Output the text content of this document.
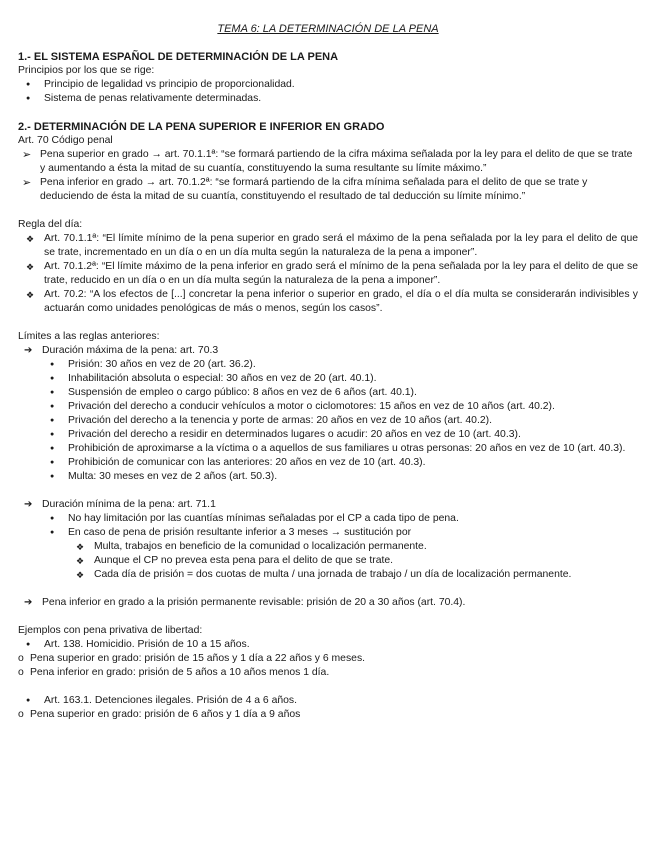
TEMA 6: LA DETERMINACIÓN DE LA PENA

1.- EL SISTEMA ESPAÑOL DE DETERMINACIÓN DE LA PENA

Principios por los que se rige:

● Principio de legalidad vs principio de proporcionalidad.

● Sistema de penas relativamente determinadas.

2.- DETERMINACIÓN DE LA PENA SUPERIOR E INFERIOR EN GRADO

Art. 70 Código penal

➢ Pena superior en grado → art. 70.1.1ª: “se formará partiendo de la cifra máxima señalada por la ley para el delito de que se trate y aumentando a ésta la mitad de su cuantía, constituyendo la suma resultante su límite máximo.”

➢ Pena inferior en grado → art. 70.1.2ª: “se formará partiendo de la cifra mínima señalada para el delito de que se trate y deduciendo de ésta la mitad de su cuantía, constituyendo el resultado de tal deducción su límite mínimo.”

Regla del día:

❖ Art. 70.1.1ª: “El límite mínimo de la pena superior en grado será el máximo de la pena señalada por la ley para el delito de que se trate, incrementado en un día o en un día multa según la naturaleza de la pena a imponer”.

❖ Art. 70.1.2ª: “El límite máximo de la pena inferior en grado será el mínimo de la pena señalada por la ley para el delito de que se trate, reducido en un día o en un día multa según la naturaleza de la pena a imponer”.

❖ Art. 70.2: “A los efectos de [...] concretar la pena inferior o superior en grado, el día o el día multa se considerarán indivisibles y actuarán como unidades penológicas de más o menos, según los casos”.

Límites a las reglas anteriores:

➔ Duración máxima de la pena: art. 70.3

● Prisión: 30 años en vez de 20 (art. 36.2).

● Inhabilitación absoluta o especial: 30 años en vez de 20 (art. 40.1).

● Suspensión de empleo o cargo público: 8 años en vez de 6 años (art. 40.1).

● Privación del derecho a conducir vehículos a motor o ciclomotores: 15 años en vez de 10 años (art. 40.2).

● Privación del derecho a la tenencia y porte de armas: 20 años en vez de 10 años (art. 40.2).

● Privación del derecho a residir en determinados lugares o acudir: 20 años en vez de 10 (art. 40.3).

● Prohibición de aproximarse a la víctima o a aquellos de sus familiares u otras personas: 20 años en vez de 10 (art. 40.3).

● Prohibición de comunicar con las anteriores: 20 años en vez de 10 (art. 40.3).

● Multa: 30 meses en vez de 2 años (art. 50.3).

➔ Duración mínima de la pena: art. 71.1

● No hay limitación por las cuantías mínimas señaladas por el CP a cada tipo de pena.

● En caso de pena de prisión resultante inferior a 3 meses → sustitución por

❖ Multa, trabajos en beneficio de la comunidad o localización permanente.

❖ Aunque el CP no prevea esta pena para el delito de que se trate.

❖ Cada día de prisión = dos cuotas de multa / una jornada de trabajo / un día de localización permanente.

➔ Pena inferior en grado a la prisión permanente revisable: prisión de 20 a 30 años (art. 70.4).

Ejemplos con pena privativa de libertad:

● Art. 138. Homicidio. Prisión de 10 a 15 años.

o Pena superior en grado: prisión de 15 años y 1 día a 22 años y 6 meses.

o Pena inferior en grado: prisión de 5 años a 10 años menos 1 día.

● Art. 163.1. Detenciones ilegales. Prisión de 4 a 6 años.

o Pena superior en grado: prisión de 6 años y 1 día a 9 años
